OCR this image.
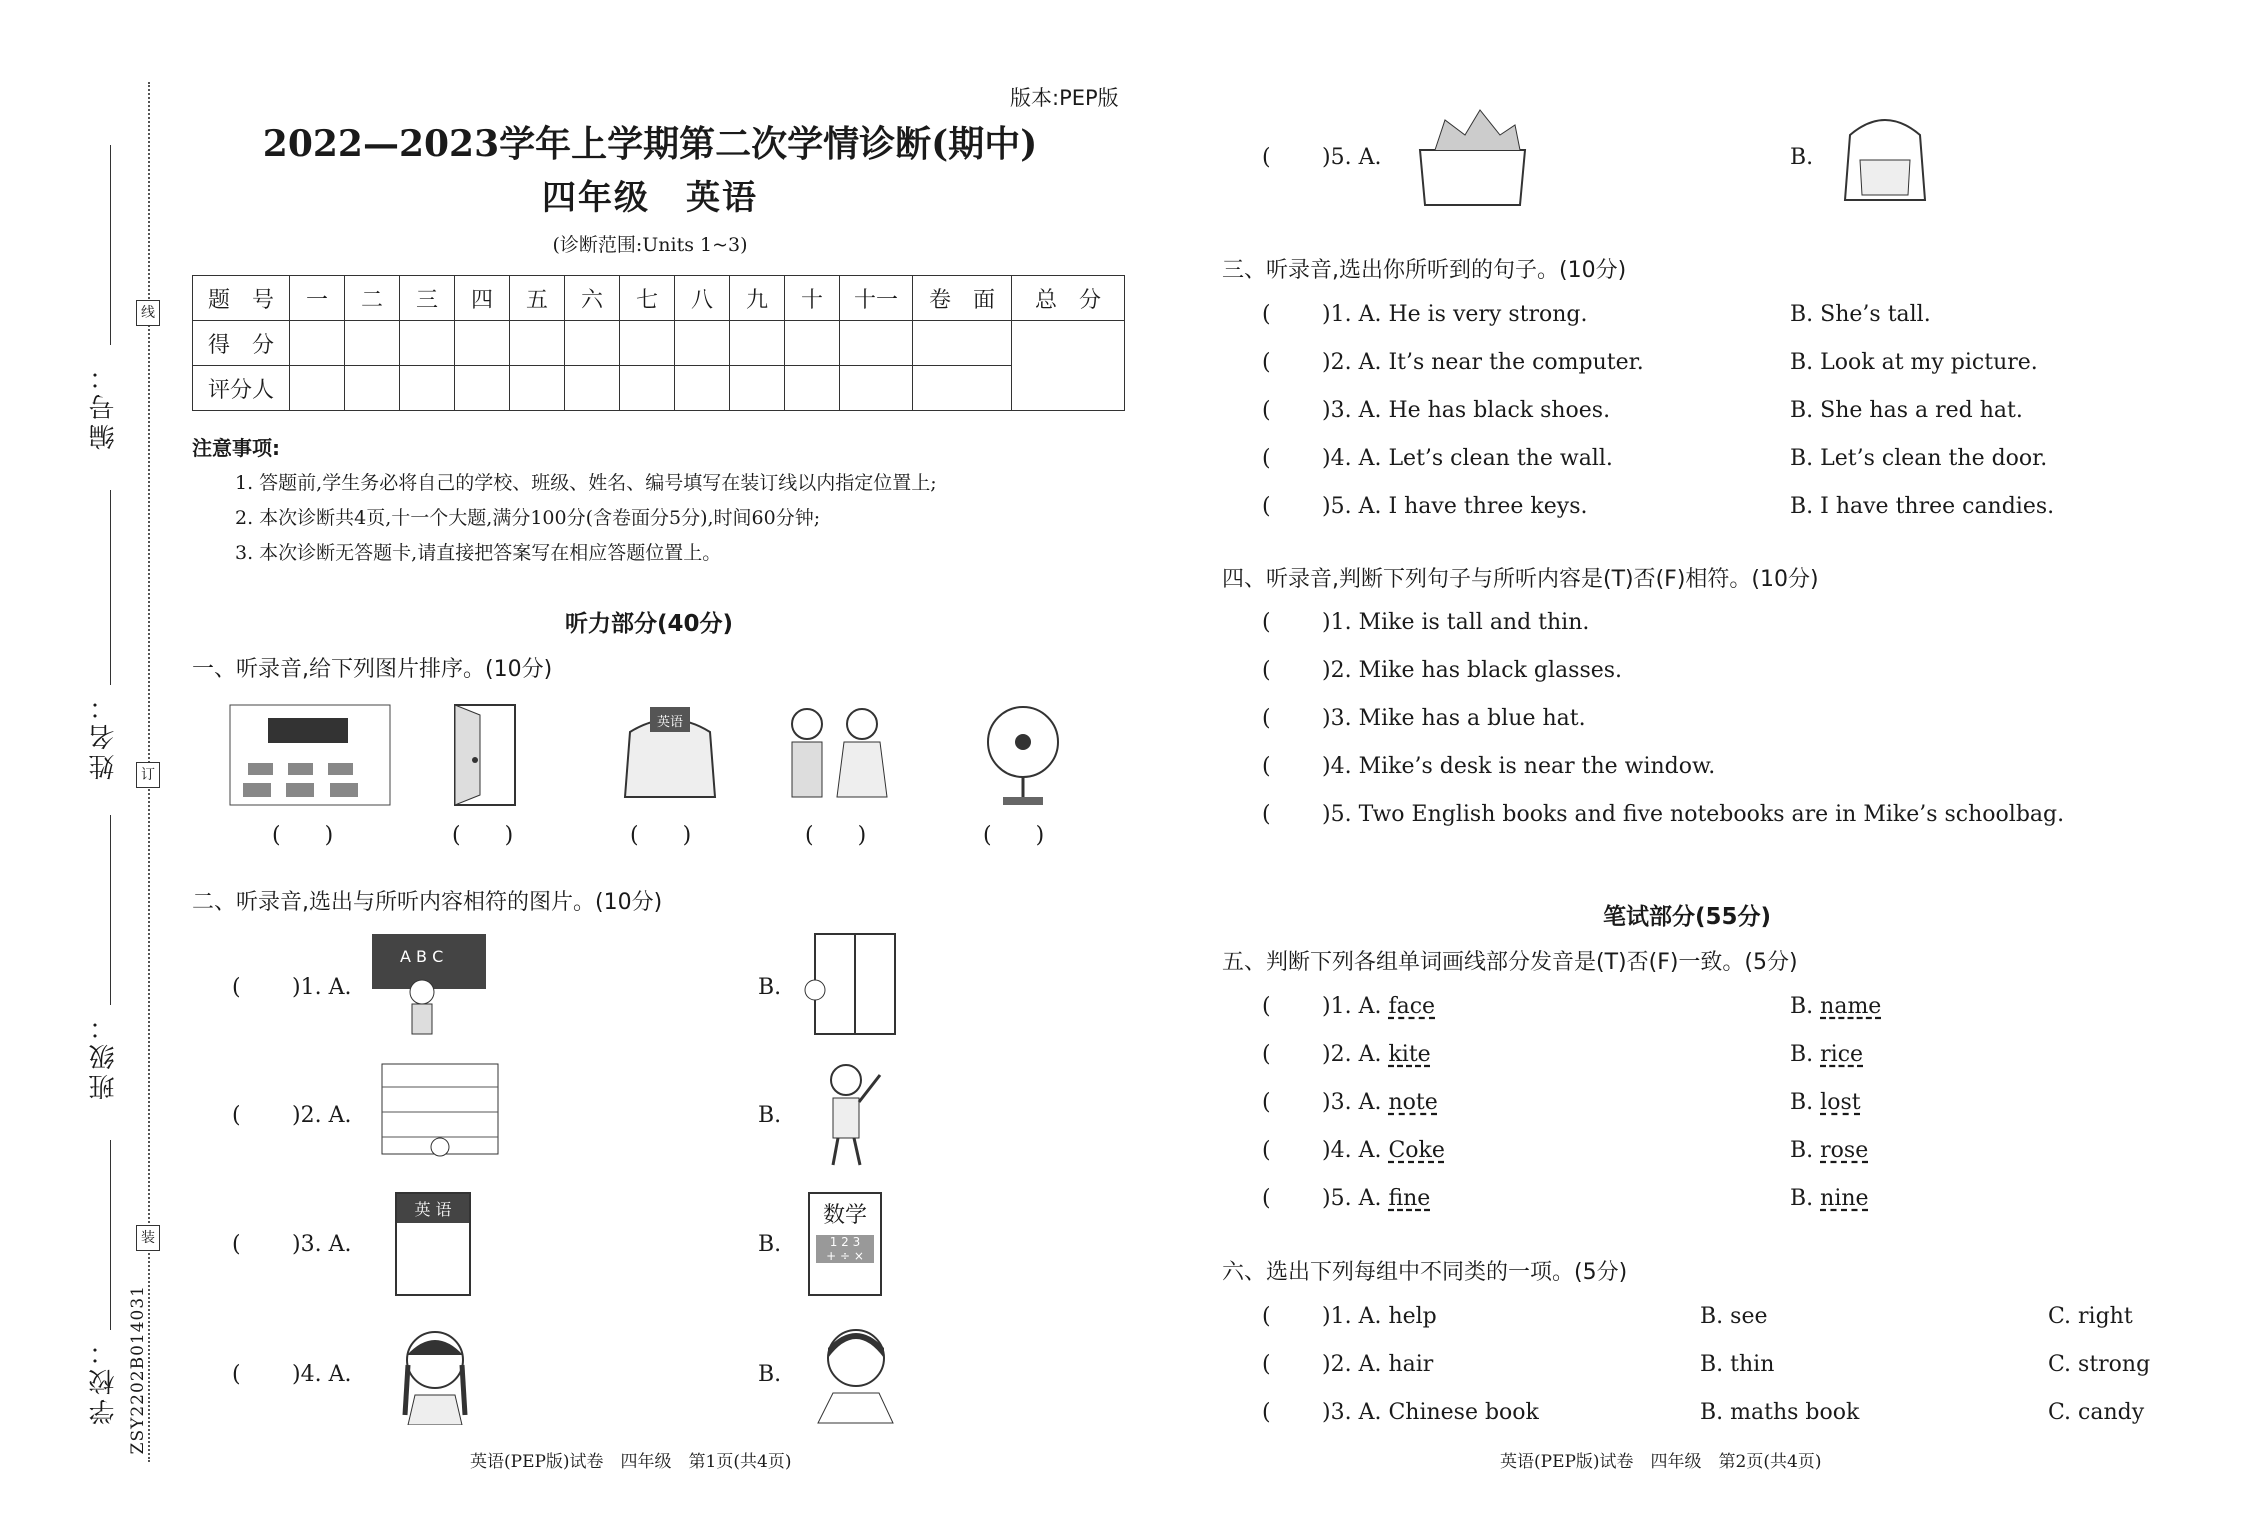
编号：
姓名：
班级：
学校：
线
订
装
ZSY2202B014031
版本:PEP版
2022—2023学年上学期第二次学情诊断(期中)
四年级　英语
(诊断范围:Units 1~3)
题　号	一	二	三	四	五	六	七	八	九	十	十一	卷　面	总　分
得　分													
评分人													
注意事项:
1. 答题前,学生务必将自己的学校、班级、姓名、编号填写在装订线以内指定位置上;
2. 本次诊断共4页,十一个大题,满分100分(含卷面分5分),时间60分钟;
3. 本次诊断无答题卡,请直接把答案写在相应答题位置上。
听力部分(40分)
一、听录音,给下列图片排序。(10分)
英语
(　　)	(　　)	(　　)	(　　)	(　　)
二、听录音,选出与所听内容相符的图片。(10分)
( )1. A.
A B C
B.
( )2. A.	B.
( )3. A.
英 语
B.
数学
1 2 3
+ ÷ ×
( )4. A.	B.
英语(PEP版)试卷　四年级　第1页(共4页)
( )5. A.	B.
三、听录音,选出你所听到的句子。(10分)
( )1. A. He is very strong.	B. She’s tall.
( )2. A. It’s near the computer.	B. Look at my picture.
( )3. A. He has black shoes.	B. She has a red hat.
( )4. A. Let’s clean the wall.	B. Let’s clean the door.
( )5. A. I have three keys.	B. I have three candies.
四、听录音,判断下列句子与所听内容是(T)否(F)相符。(10分)
( )1. Mike is tall and thin.
( )2. Mike has black glasses.
( )3. Mike has a blue hat.
( )4. Mike’s desk is near the window.
( )5. Two English books and five notebooks are in Mike’s schoolbag.
笔试部分(55分)
五、判断下列各组单词画线部分发音是(T)否(F)一致。(5分)
( )1. A. face	B. name
( )2. A. kite	B. rice
( )3. A. note	B. lost
( )4. A. Coke	B. rose
( )5. A. fine	B. nine
六、选出下列每组中不同类的一项。(5分)
( )1. A. help	B. see	C. right
( )2. A. hair	B. thin	C. strong
( )3. A. Chinese book	B. maths book	C. candy
英语(PEP版)试卷　四年级　第2页(共4页)
